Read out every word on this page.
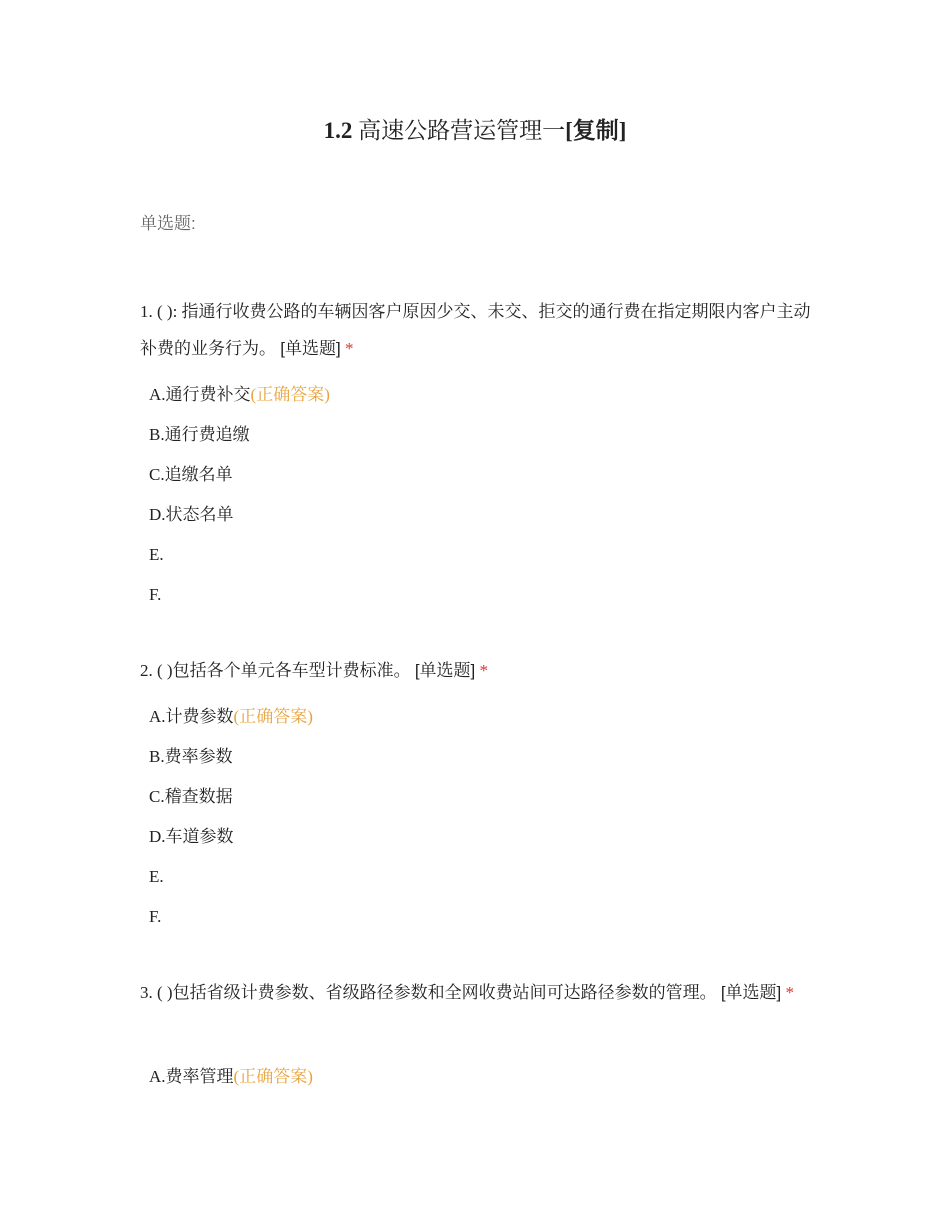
1.2 高速公路营运管理一[复制]
单选题:
1. ( ): 指通行收费公路的车辆因客户原因少交、未交、拒交的通行费在指定期限内客户主动补费的业务行为。 [单选题] *
A.通行费补交(正确答案)
B.通行费追缴
C.追缴名单
D.状态名单
E.
F.
2. ( )包括各个单元各车型计费标准。 [单选题] *
A.计费参数(正确答案)
B.费率参数
C.稽查数据
D.车道参数
E.
F.
3. ( )包括省级计费参数、省级路径参数和全网收费站间可达路径参数的管理。 [单选题] *
A.费率管理(正确答案)
